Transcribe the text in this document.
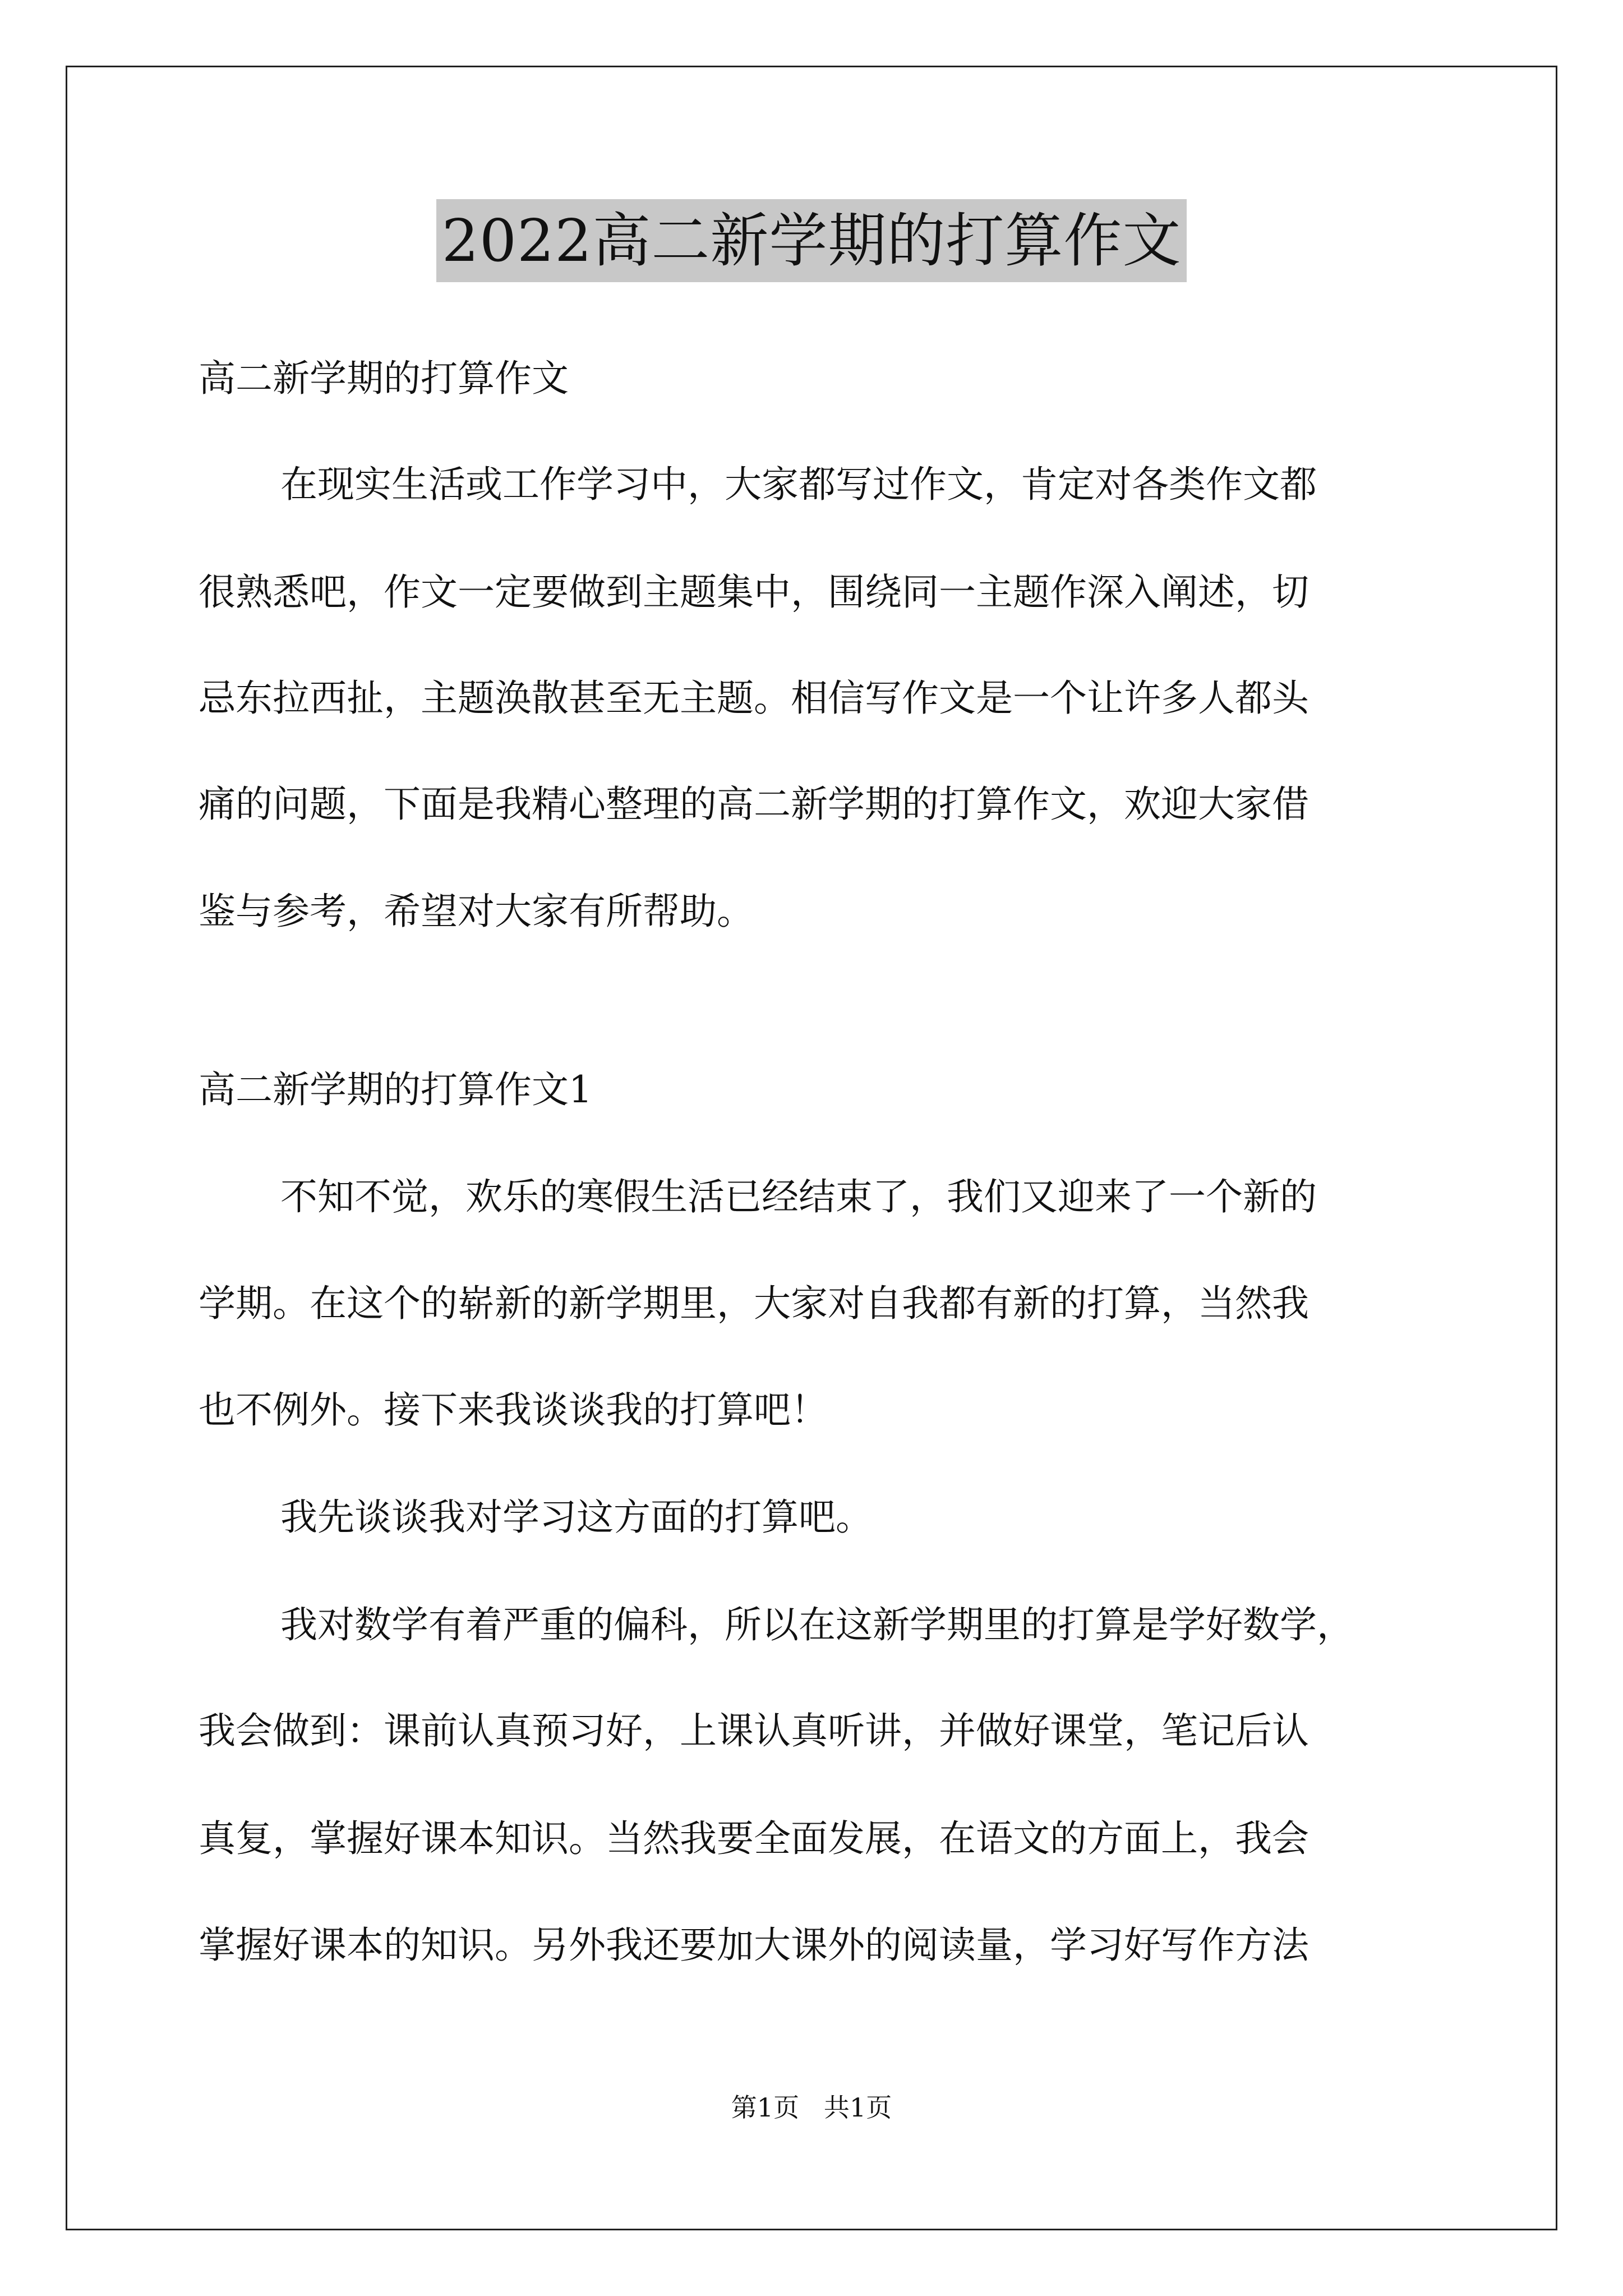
2022高二新学期的打算作文
高二新学期的打算作文
在现实生活或工作学习中，大家都写过作文，肯定对各类作文都
很熟悉吧，作文一定要做到主题集中，围绕同一主题作深入阐述，切
忌东拉西扯，主题涣散甚至无主题。相信写作文是一个让许多人都头
痛的问题，下面是我精心整理的高二新学期的打算作文，欢迎大家借
鉴与参考，希望对大家有所帮助。
高二新学期的打算作文1
不知不觉，欢乐的寒假生活已经结束了，我们又迎来了一个新的
学期。在这个的崭新的新学期里，大家对自我都有新的打算，当然我
也不例外。接下来我谈谈我的打算吧！
我先谈谈我对学习这方面的打算吧。
我对数学有着严重的偏科，所以在这新学期里的打算是学好数学，
我会做到：课前认真预习好，上课认真听讲，并做好课堂，笔记后认
真复，掌握好课本知识。当然我要全面发展，在语文的方面上，我会
掌握好课本的知识。另外我还要加大课外的阅读量，学习好写作方法
第1页   共1页
